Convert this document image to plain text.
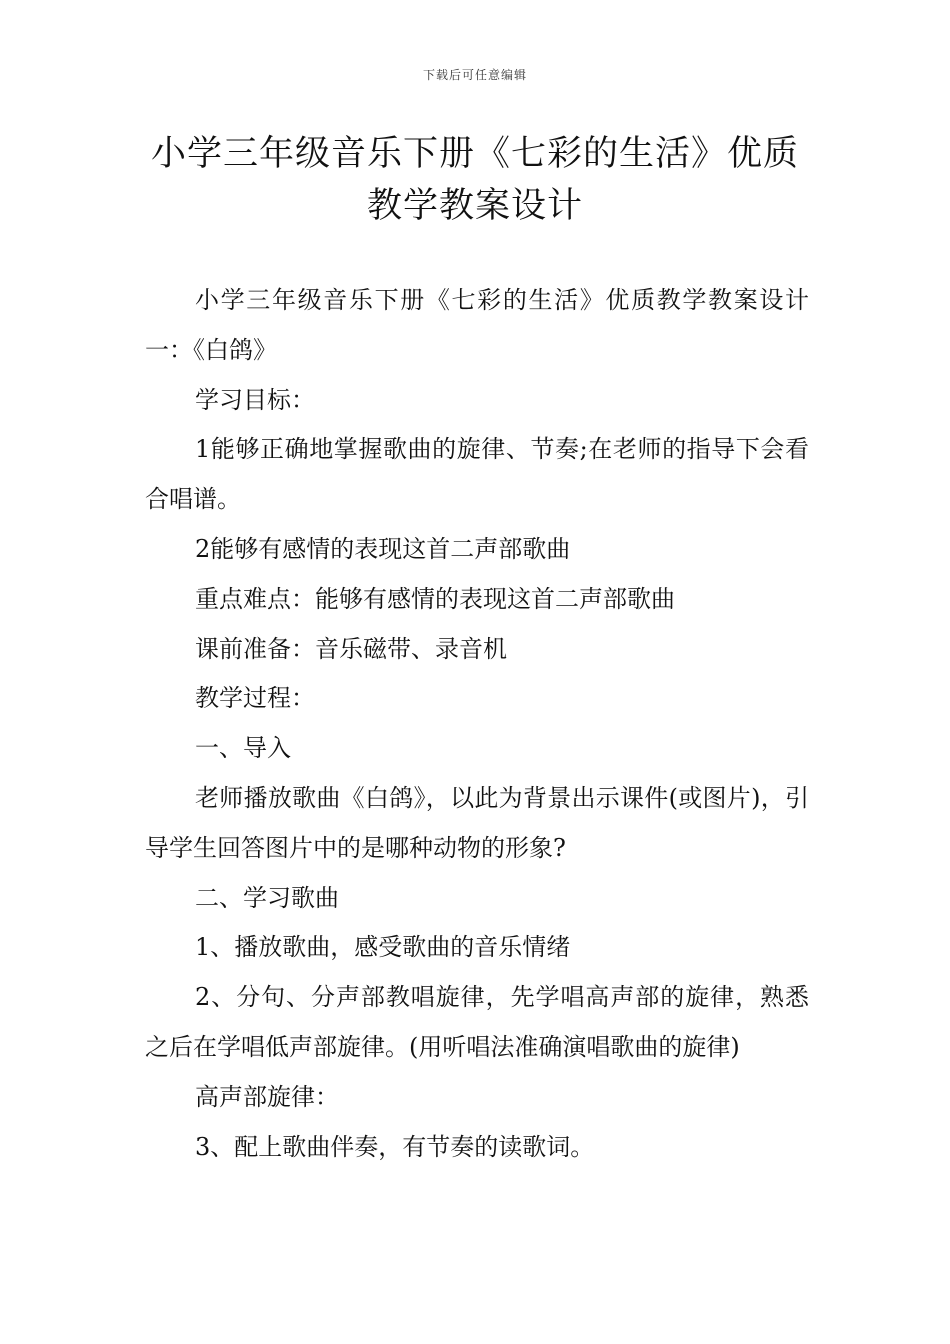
下载后可任意编辑
小学三年级音乐下册《七彩的生活》优质
教学教案设计

小学三年级音乐下册《七彩的生活》优质教学教案设计一：《白鸽》

学习目标：

1能够正确地掌握歌曲的旋律、节奏;在老师的指导下会看合唱谱。

2能够有感情的表现这首二声部歌曲

重点难点：能够有感情的表现这首二声部歌曲

课前准备：音乐磁带、录音机

教学过程：

一、导入

老师播放歌曲《白鸽》，以此为背景出示课件(或图片)，引导学生回答图片中的是哪种动物的形象?

二、学习歌曲

1、播放歌曲，感受歌曲的音乐情绪

2、分句、分声部教唱旋律，先学唱高声部的旋律，熟悉之后在学唱低声部旋律。(用听唱法准确演唱歌曲的旋律)

高声部旋律：

3、配上歌曲伴奏，有节奏的读歌词。
